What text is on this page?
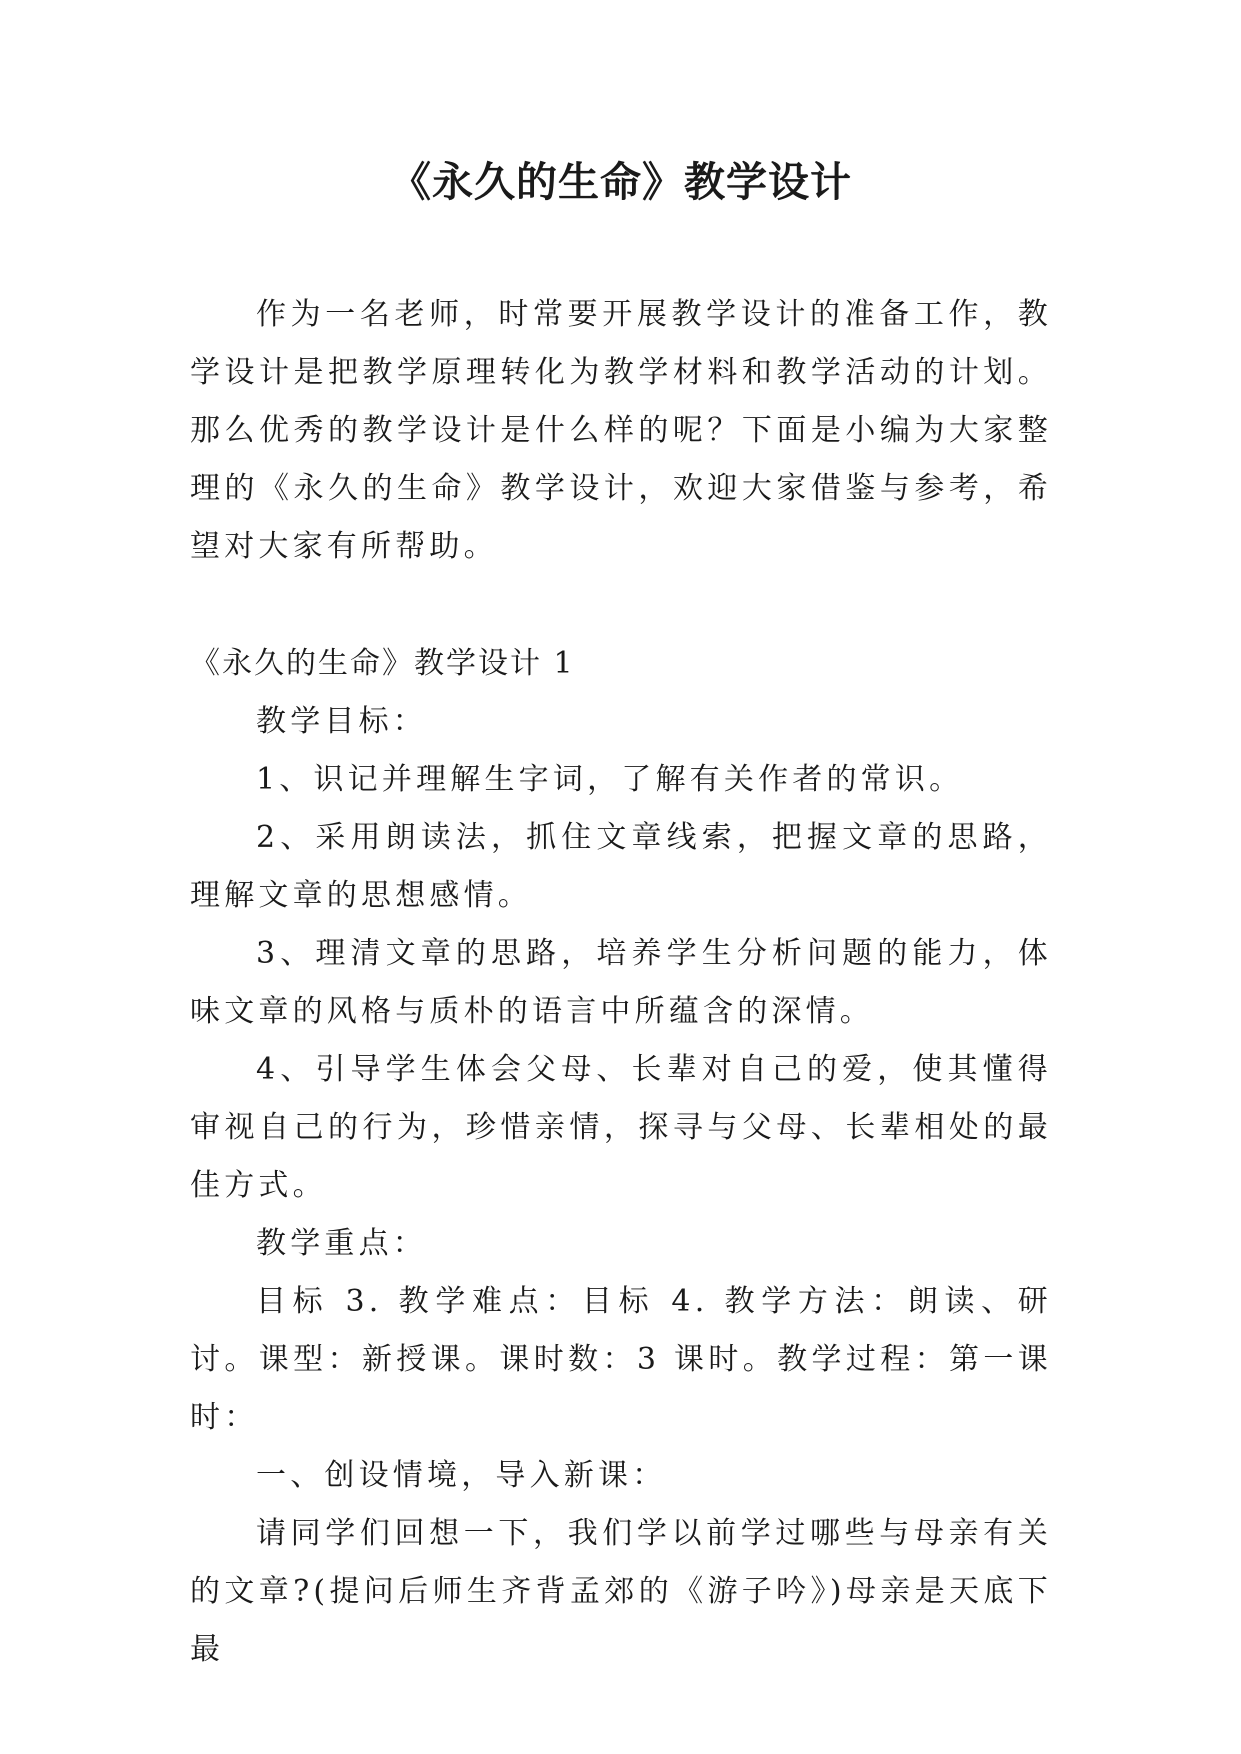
《永久的生命》教学设计

作为一名老师，时常要开展教学设计的准备工作，教学设计是把教学原理转化为教学材料和教学活动的计划。那么优秀的教学设计是什么样的呢？下面是小编为大家整理的《永久的生命》教学设计，欢迎大家借鉴与参考，希望对大家有所帮助。

《永久的生命》教学设计 1

教学目标：

1、识记并理解生字词，了解有关作者的常识。

2、采用朗读法，抓住文章线索，把握文章的思路，理解文章的思想感情。

3、理清文章的思路，培养学生分析问题的能力，体味文章的风格与质朴的语言中所蕴含的深情。

4、引导学生体会父母、长辈对自己的爱，使其懂得审视自己的行为，珍惜亲情，探寻与父母、长辈相处的最佳方式。

教学重点：

目标 3. 教学难点：目标 4. 教学方法：朗读、研讨。课型：新授课。课时数：3 课时。教学过程：第一课时：

一、创设情境，导入新课：

请同学们回想一下，我们学以前学过哪些与母亲有关的文章?(提问后师生齐背孟郊的《游子吟》)母亲是天底下最
